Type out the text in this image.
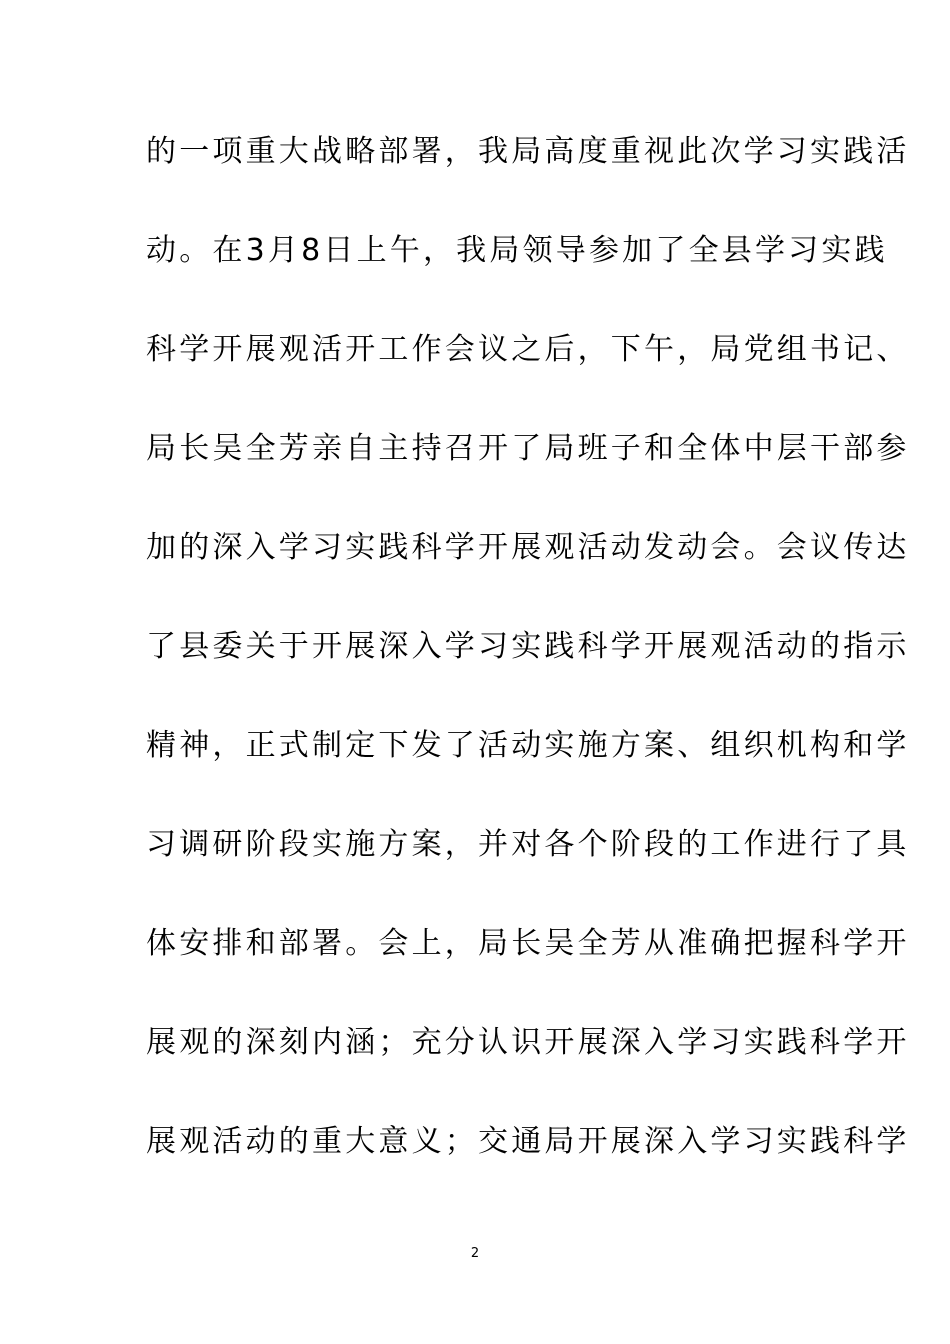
的一项重大战略部署，我局高度重视此次学习实践活
动。在3月8日上午，我局领导参加了全县学习实践
科学开展观活开工作会议之后，下午，局党组书记、
局长吴全芳亲自主持召开了局班子和全体中层干部参
加的深入学习实践科学开展观活动发动会。会议传达
了县委关于开展深入学习实践科学开展观活动的指示
精神，正式制定下发了活动实施方案、组织机构和学
习调研阶段实施方案，并对各个阶段的工作进行了具
体安排和部署。会上，局长吴全芳从准确把握科学开
展观的深刻内涵；充分认识开展深入学习实践科学开
展观活动的重大意义；交通局开展深入学习实践科学
2
